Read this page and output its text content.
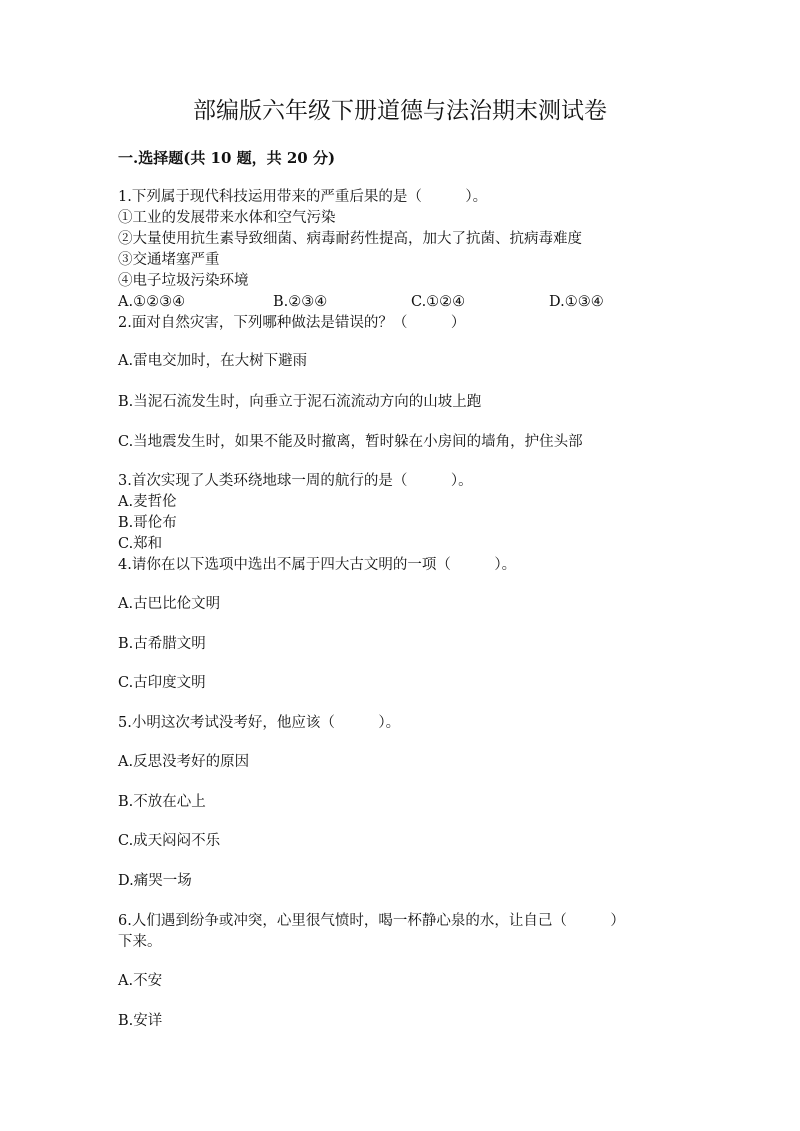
部编版六年级下册道德与法治期末测试卷
一.选择题(共 10 题，共 20 分)
1.下列属于现代科技运用带来的严重后果的是（　　　）。
①工业的发展带来水体和空气污染
②大量使用抗生素导致细菌、病毒耐药性提高，加大了抗菌、抗病毒难度
③交通堵塞严重
④电子垃圾污染环境
A.①②③④	B.②③④	C.①②④	D.①③④
2.面对自然灾害，下列哪种做法是错误的？（　　　）
A.雷电交加时，在大树下避雨
B.当泥石流发生时，向垂立于泥石流流动方向的山坡上跑
C.当地震发生时，如果不能及时撤离，暂时躲在小房间的墙角，护住头部
3.首次实现了人类环绕地球一周的航行的是（　　　）。
A.麦哲伦
B.哥伦布
C.郑和
4.请你在以下选项中选出不属于四大古文明的一项（　　　）。
A.古巴比伦文明
B.古希腊文明
C.古印度文明
5.小明这次考试没考好，他应该（　　　）。
A.反思没考好的原因
B.不放在心上
C.成天闷闷不乐
D.痛哭一场
6.人们遇到纷争或冲突，心里很气愤时，喝一杯静心泉的水，让自己（　　　）
下来。
A.不安
B.安详
